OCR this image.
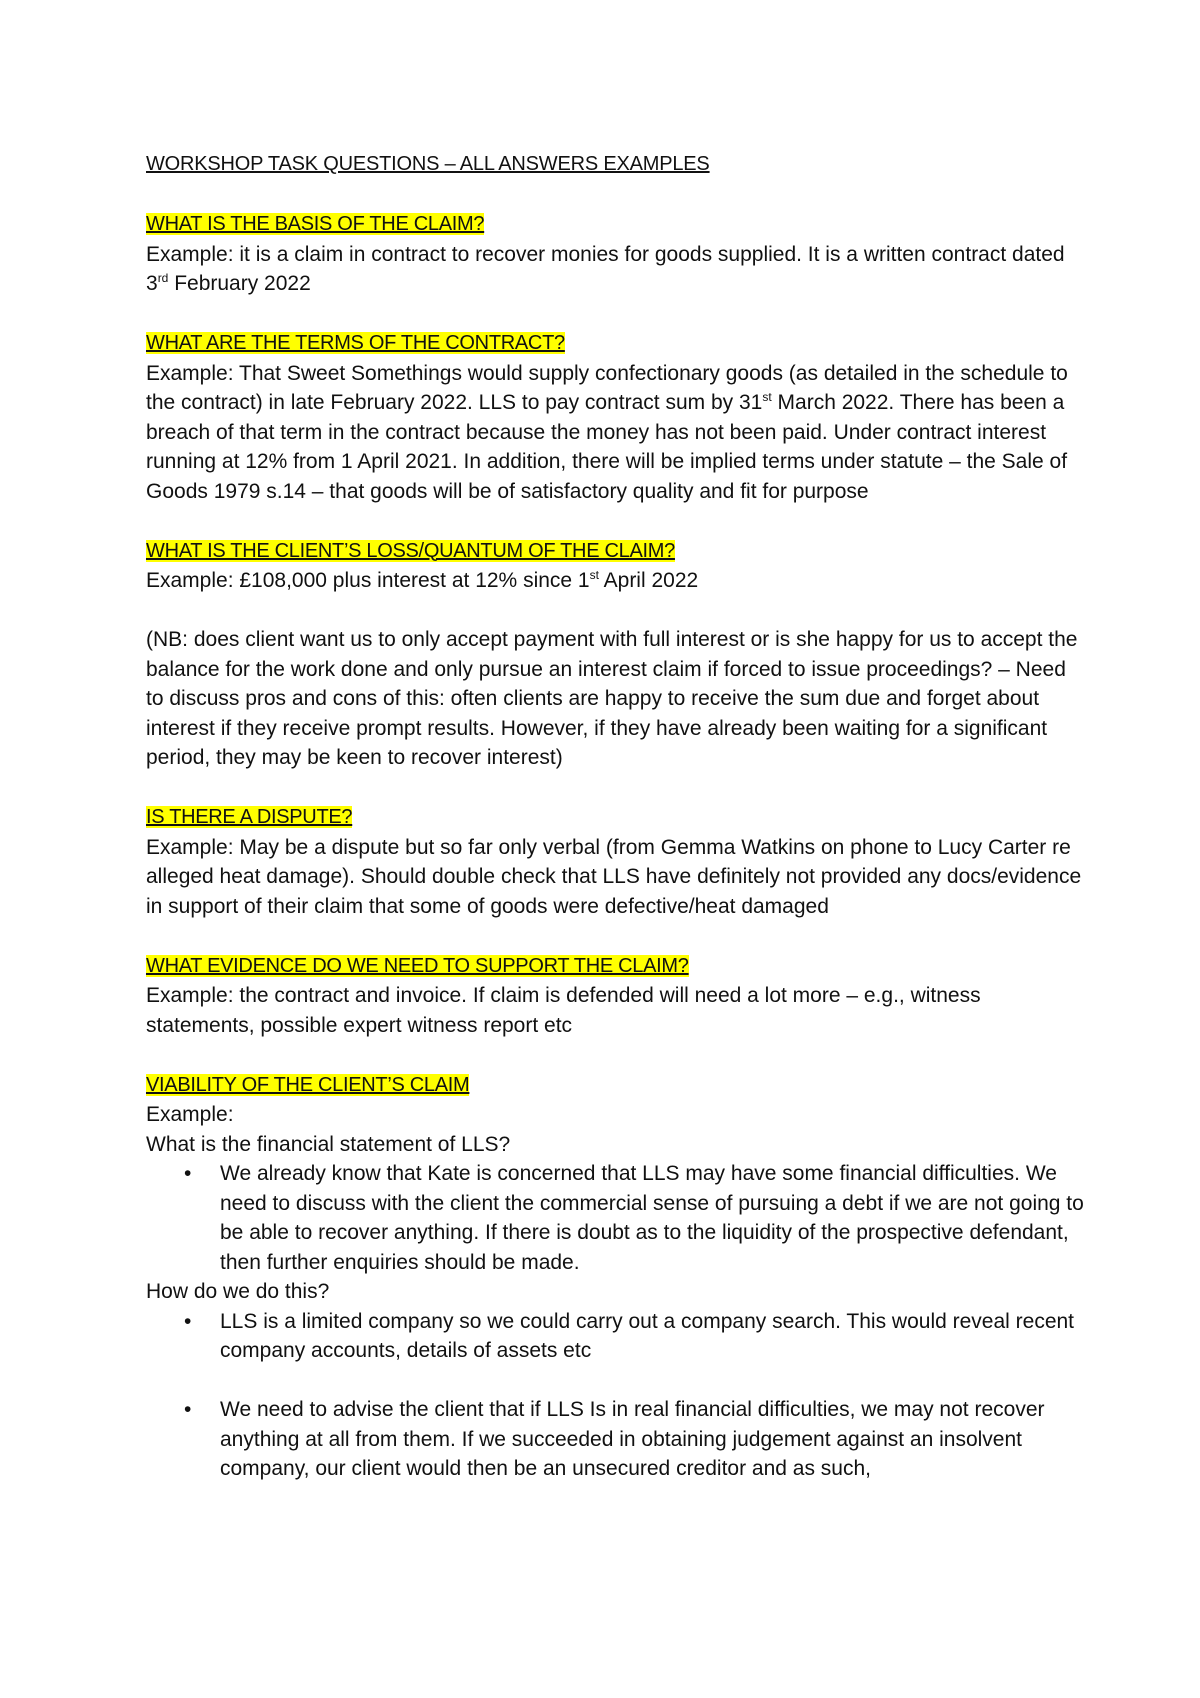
WORKSHOP TASK QUESTIONS – ALL ANSWERS EXAMPLES

WHAT IS THE BASIS OF THE CLAIM?

Example: it is a claim in contract to recover monies for goods supplied. It is a written contract dated 3rd February 2022

WHAT ARE THE TERMS OF THE CONTRACT?

Example: That Sweet Somethings would supply confectionary goods (as detailed in the schedule to the contract) in late February 2022. LLS to pay contract sum by 31st March 2022. There has been a breach of that term in the contract because the money has not been paid. Under contract interest running at 12% from 1 April 2021. In addition, there will be implied terms under statute – the Sale of Goods 1979 s.14 – that goods will be of satisfactory quality and fit for purpose

WHAT IS THE CLIENT’S LOSS/QUANTUM OF THE CLAIM?

Example: £108,000 plus interest at 12% since 1st April 2022

(NB: does client want us to only accept payment with full interest or is she happy for us to accept the balance for the work done and only pursue an interest claim if forced to issue proceedings? – Need to discuss pros and cons of this: often clients are happy to receive the sum due and forget about interest if they receive prompt results. However, if they have already been waiting for a significant period, they may be keen to recover interest)

IS THERE A DISPUTE?

Example: May be a dispute but so far only verbal (from Gemma Watkins on phone to Lucy Carter re alleged heat damage). Should double check that LLS have definitely not provided any docs/evidence in support of their claim that some of goods were defective/heat damaged

WHAT EVIDENCE DO WE NEED TO SUPPORT THE CLAIM?

Example: the contract and invoice. If claim is defended will need a lot more – e.g., witness statements, possible expert witness report etc

VIABILITY OF THE CLIENT’S CLAIM

Example:

What is the financial statement of LLS?

•	We already know that Kate is concerned that LLS may have some financial difficulties. We need to discuss with the client the commercial sense of pursuing a debt if we are not going to be able to recover anything. If there is doubt as to the liquidity of the prospective defendant, then further enquiries should be made.

How do we do this?

•	LLS is a limited company so we could carry out a company search. This would reveal recent company accounts, details of assets etc
•	We need to advise the client that if LLS Is in real financial difficulties, we may not recover anything at all from them. If we succeeded in obtaining judgement against an insolvent company, our client would then be an unsecured creditor and as such,
